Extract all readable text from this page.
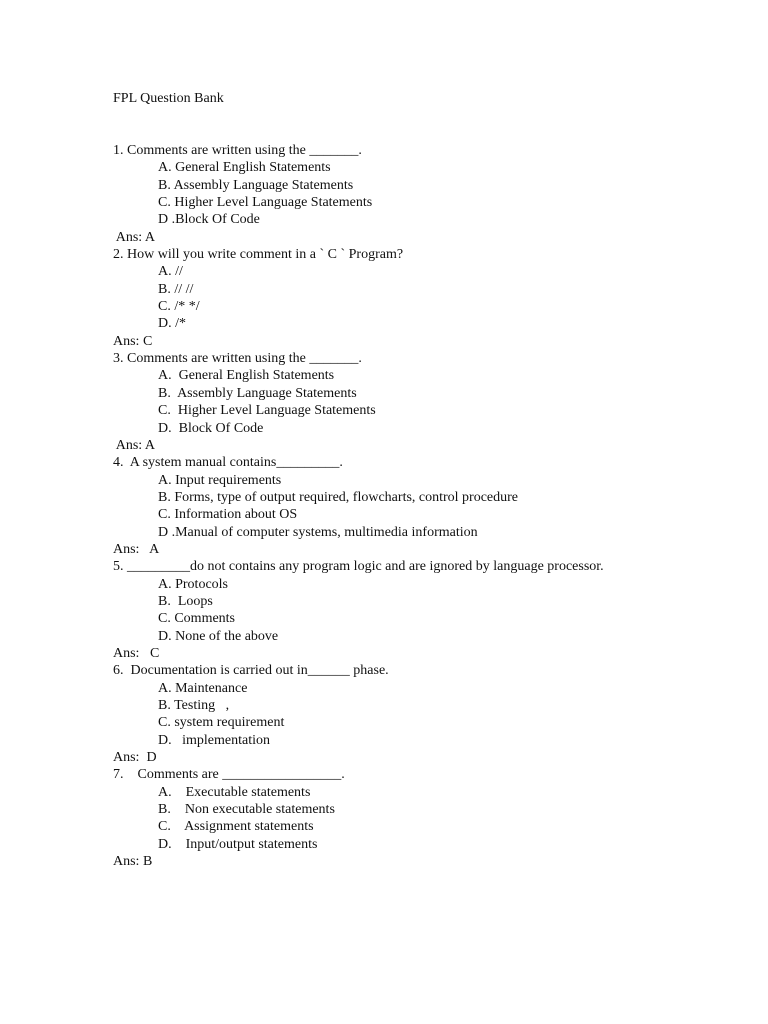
FPL Question Bank
1. Comments are written using the _______.
A. General English Statements
B. Assembly Language Statements
C. Higher Level Language Statements
D .Block Of Code
Ans: A
2. How will you write comment in a ` C ` Program?
A. //
B. // //
C. /* */
D. /*
Ans: C
3. Comments are written using the _______.
A.  General English Statements
B.  Assembly Language Statements
C.  Higher Level Language Statements
D.  Block Of Code
Ans: A
4.  A system manual contains_________.
A. Input requirements
B. Forms, type of output required, flowcharts, control procedure
C. Information about OS
D .Manual of computer systems, multimedia information
Ans:   A
5. _________do not contains any program logic and are ignored by language processor.
A. Protocols
B.  Loops
C. Comments
D. None of the above
Ans:   C
6.  Documentation is carried out in______ phase.
A. Maintenance
B. Testing   ,
C. system requirement
D.   implementation
Ans:  D
7.    Comments are _________________.
A.    Executable statements
B.    Non executable statements
C.    Assignment statements
D.    Input/output statements
Ans: B
